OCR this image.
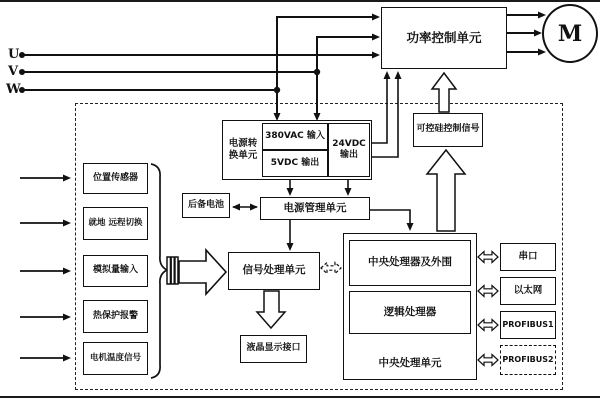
U
V
W
功率控制单元	M
电源转换单元
380VAC 输入
5VDC 输出
24VDC 输出
可控硅控制信号
后备电池	电源管理单元
信号处理单元
液晶显示接口
中央处理单元
中央处理器及外围
逻辑处理器
串口
以太网
PROFIBUS1
PROFIBUS2
位置传感器
就地 远程切换
模拟量输入
热保护报警
电机温度信号
